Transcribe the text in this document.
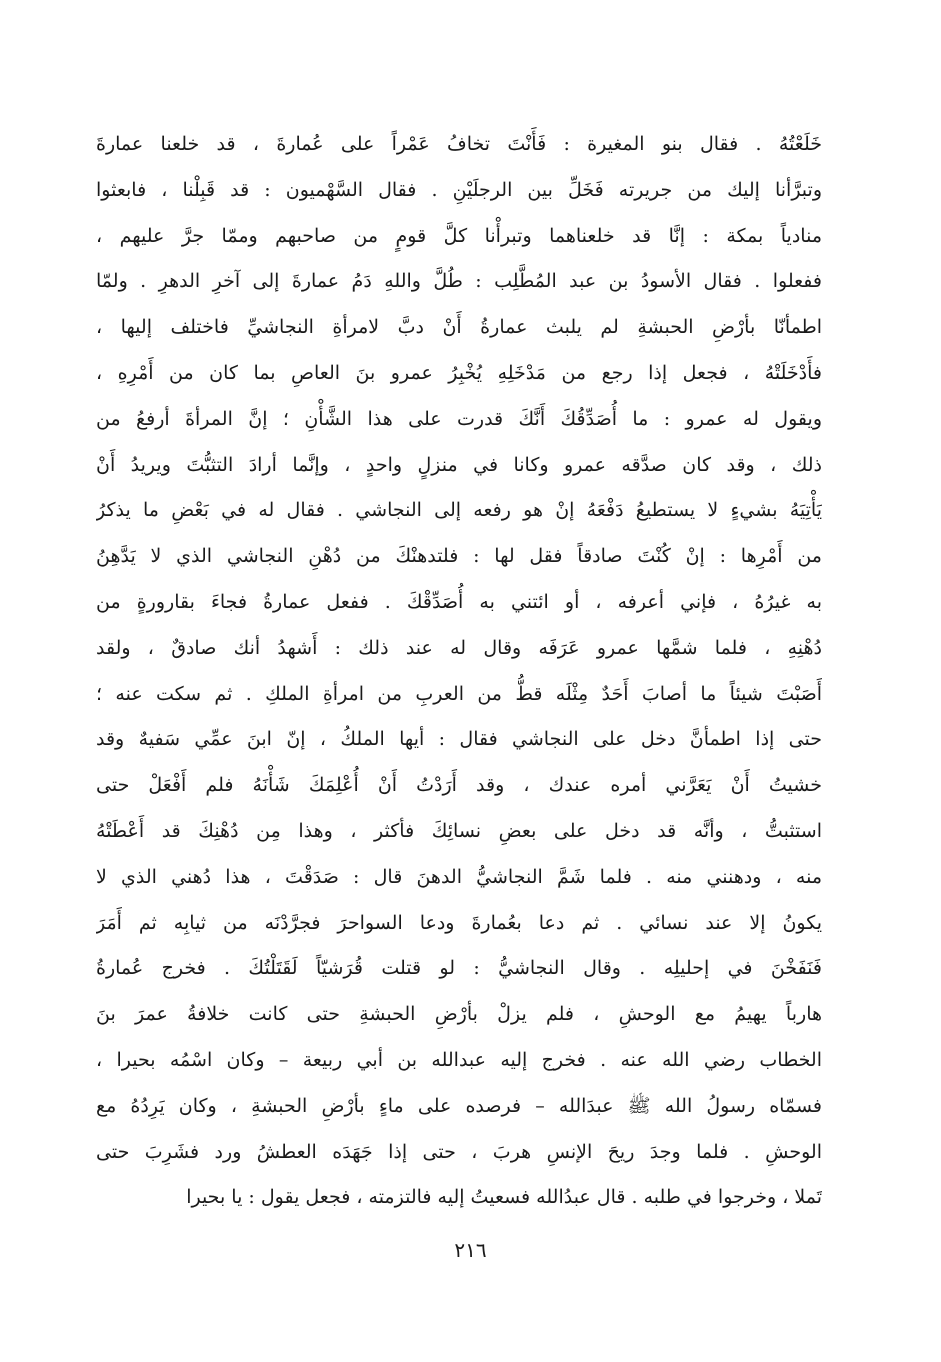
خَلَعْتُهُ . فقال بنو المغيرة : فَأَنْتَ تخافُ عَمْراً على عُمارةَ ، قد خلعنا عمارةَ
وتبرَّأنا إليك من جريرته فَخَلِّ بين الرجلَيْنِ . فقال السَّهْميون : قد قَبِلْنا ، فابعثوا
منادياً بمكة : إنَّا قد خلعناهما وتبرأْنا كلَّ قومٍ من صاحبهم وممّا جرَّ عليهم ،
ففعلوا . فقال الأسودُ بن عبد المُطَّلِب : طُلَّ واللهِ دَمُ عمارةَ إلى آخرِ الدهرِ . ولمّا
اطمأنّا بأرْضِ الحبشةِ لم يلبث عمارةُ أَنْ دبَّ لامرأةِ النجاشيِّ فاختلف إليها ،
فأَدْخَلَتْهُ ، فجعل إذا رجع من مَدْخَلِهِ يُخْبِرُ عمرو بنَ العاصِ بما كان من أَمْرِهِ ،
ويقول له عمرو : ما أُصَدِّقُكَ أَنَّكَ قدرت على هذا الشَّأْنِ ؛ إنَّ المرأةَ أرفعُ من
ذلك ، وقد كان صدَّقه عمرو وكانا في منزلٍ واحدٍ ، وإنَّما أرادَ التثبُّتَ ويريدُ أَنْ
يَأْتِيَهُ بشيءٍ لا يستطيعُ دَفْعَهُ إنْ هو رفعه إلى النجاشي . فقال له في بَعْضِ ما يذكرُ
من أَمْرِها : إنْ كُنْتَ صادقاً فقل لها : فلتدهنْكَ من دُهْنِ النجاشي الذي لا يَدَّهِنُ
به غيرُهُ ، فإني أعرفه ، أو ائتني به أُصَدِّقْكَ . ففعل عمارةُ فجاءَ بقارورةٍ من
دُهْنِهِ ، فلما شمَّها عمرو عَرَفَه وقال له عند ذلك : أَشهدُ أنك صادقٌ ، ولقد
أَصَبْتَ شيئاً ما أصابَ أَحَدٌ مِثْلَه قطُّ من العربِ من امرأةِ الملكِ . ثم سكت عنه ؛
حتى إذا اطمأنَّ دخل على النجاشي فقال : أيها الملكُ ، إنّ ابنَ عمِّي سَفيهٌ وقد
خشيتُ أَنْ يَعَرَّني أمره عندك ، وقد أَرَدْتُ أَنْ أُعْلِمَكَ شَأْنَهُ فلم أَفْعَلْ حتى
استثبتُّ ، وأنَّه قد دخل على بعضِ نسائِكَ فأكثر ، وهذا مِن دُهْنِكَ قد أَعْطَتْهُ
منه ، ودهنني منه . فلما شَمَّ النجاشيُّ الدهنَ قال : صَدَقْتَ ، هذا دُهني الذي لا
يكونُ إلا عند نسائي . ثم دعا بعُمارةَ ودعا السواحرَ فجرَّدْنَه من ثيابِه ثم أَمَرَ
فَنَفَخْنَ في إحليلِه . وقال النجاشيُّ : لو قتلت قُرَشيّاً لَقَتَلْتُكَ . فخرج عُمارةُ
هارباً يهيمُ مع الوحشِ ، فلم يزلْ بأرْضِ الحبشةِ حتى كانت خلافةُ عمرَ بنَ
الخطاب رضي الله عنه . فخرج إليه عبدالله بن أبي ربيعة – وكان اسْمُه بحيرا ،
فسمّاه رسولُ الله ﷺ عبدَالله – فرصده على ماءٍ بأرْضِ الحبشةِ ، وكان يَرِدُهُ مع
الوحشِ . فلما وجدَ ريحَ الإنسِ هربَ ، حتى إذا جَهَدَه العطشُ ورد فشَرِبَ حتى
تَملا ، وخرجوا في طلبه . قال عبدُالله فسعيتُ إليه فالتزمته ، فجعل يقول : يا بحيرا
٢١٦
